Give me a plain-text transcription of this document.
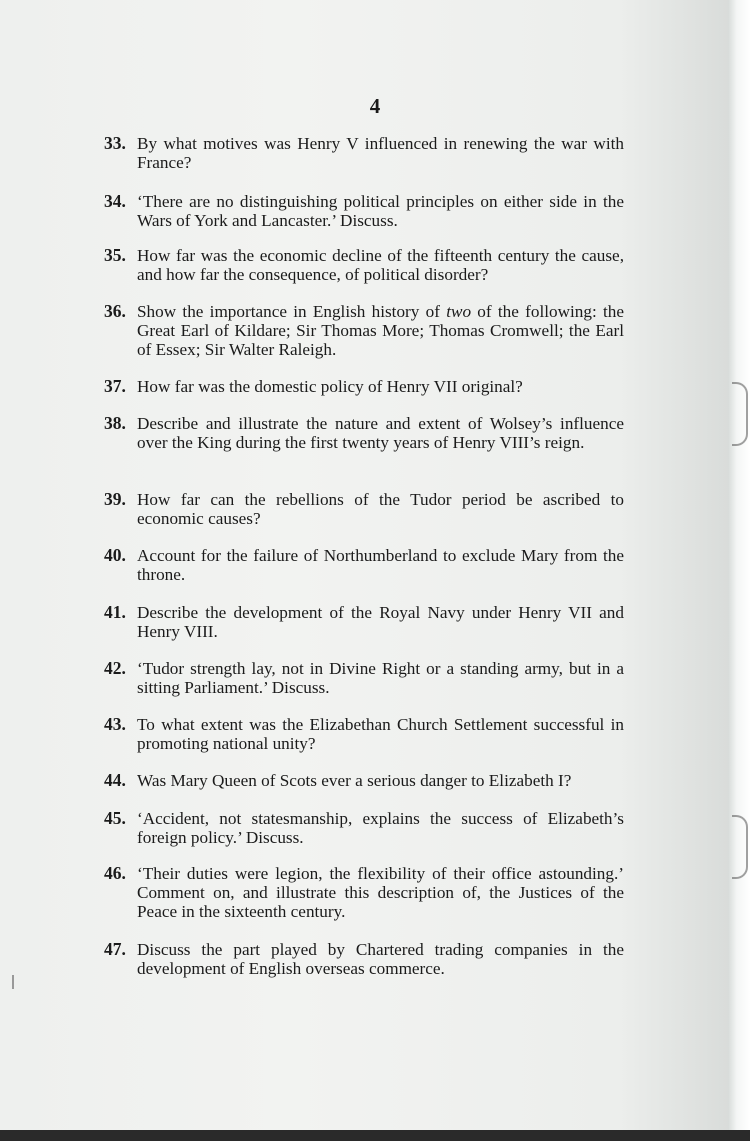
4
33. By what motives was Henry V influenced in renewing the war with France?
34. ‘There are no distinguishing political principles on either side in the Wars of York and Lancaster.’ Discuss.
35. How far was the economic decline of the fifteenth century the cause, and how far the consequence, of political disorder?
36. Show the importance in English history of two of the following: the Great Earl of Kildare; Sir Thomas More; Thomas Cromwell; the Earl of Essex; Sir Walter Raleigh.
37. How far was the domestic policy of Henry VII original?
38. Describe and illustrate the nature and extent of Wolsey’s influence over the King during the first twenty years of Henry VIII’s reign.
39. How far can the rebellions of the Tudor period be ascribed to economic causes?
40. Account for the failure of Northumberland to exclude Mary from the throne.
41. Describe the development of the Royal Navy under Henry VII and Henry VIII.
42. ‘Tudor strength lay, not in Divine Right or a standing army, but in a sitting Parliament.’ Discuss.
43. To what extent was the Elizabethan Church Settlement successful in promoting national unity?
44. Was Mary Queen of Scots ever a serious danger to Elizabeth I?
45. ‘Accident, not statesmanship, explains the success of Elizabeth’s foreign policy.’ Discuss.
46. ‘Their duties were legion, the flexibility of their office astounding.’ Comment on, and illustrate this description of, the Justices of the Peace in the sixteenth century.
47. Discuss the part played by Chartered trading companies in the development of English overseas commerce.
